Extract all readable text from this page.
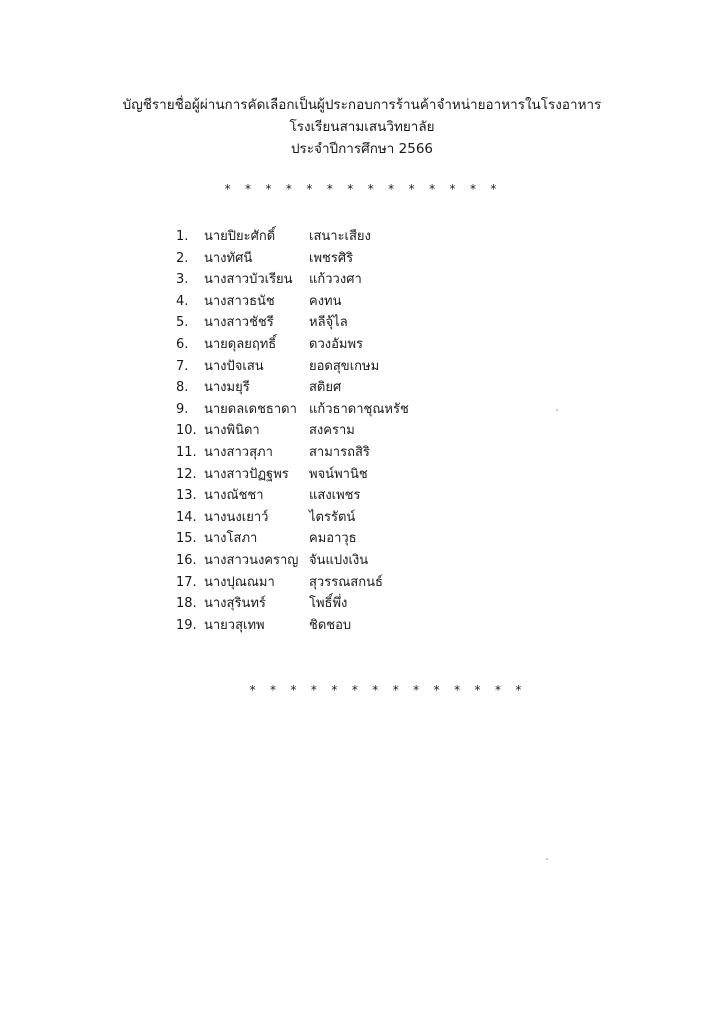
บัญชีรายชื่อผู้ผ่านการคัดเลือกเป็นผู้ประกอบการร้านค้าจำหน่ายอาหารในโรงอาหาร
โรงเรียนสามเสนวิทยาลัย
ประจำปีการศึกษา 2566
* * * * * * * * * * * * * *
1. นายปิยะศักดิ์	เสนาะเสียง
2. นางทัศนี	เพชรศิริ
3. นางสาวบัวเรียน แก้ววงศา
4. นางสาวธนัช	คงทน
5. นางสาวชัชรี	หลีจุ้ไล
6. นายดุลยฤทธิ์	ดวงอัมพร
7. นางปัจเสน	ยอดสุขเกษม
8. นางมยุรี	สติยศ
9. นายดลเดชธาดา แก้วธาดาชุณหรัช
10. นางพินิดา	สงคราม
11. นางสาวสุภา	สามารถสิริ
12. นางสาวปัฏฐพร พจน์พานิช
13. นางณัชชา	แสงเพชร
14. นางนงเยาว์	ไตรรัตน์
15. นางโสภา	คมอาวุธ
16. นางสาวนงคราญ จันแปงเงิน
17. นางปุณณมา	สุวรรณสกนธ์
18. นางสุรินทร์	โพธิ์พึ่ง
19. นายวสุเทพ	ชิดชอบ
* * * * * * * * * * * * * *
